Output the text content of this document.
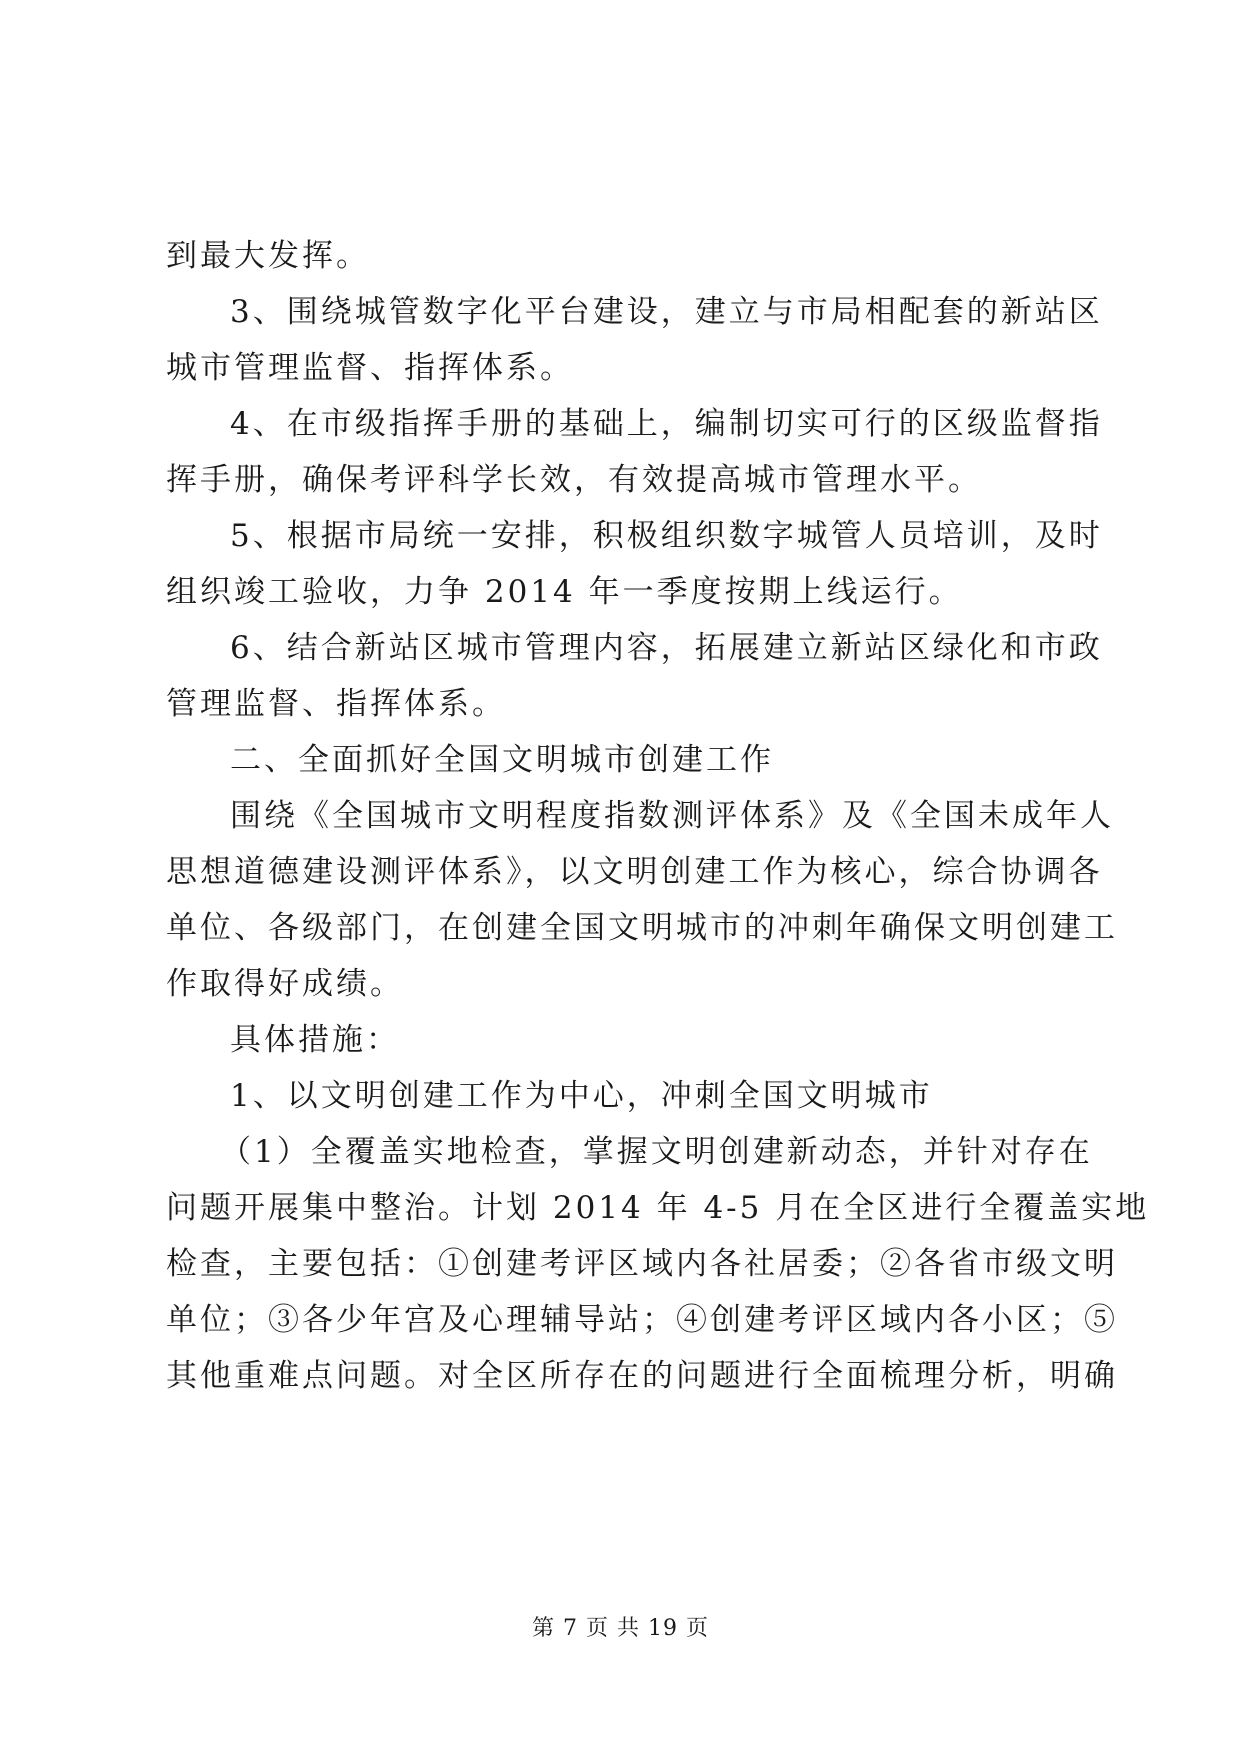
到最大发挥。
3、围绕城管数字化平台建设，建立与市局相配套的新站区
城市管理监督、指挥体系。
4、在市级指挥手册的基础上，编制切实可行的区级监督指
挥手册，确保考评科学长效，有效提高城市管理水平。
5、根据市局统一安排，积极组织数字城管人员培训，及时
组织竣工验收，力争 2014 年一季度按期上线运行。
6、结合新站区城市管理内容，拓展建立新站区绿化和市政
管理监督、指挥体系。
二、全面抓好全国文明城市创建工作
围绕《全国城市文明程度指数测评体系》及《全国未成年人
思想道德建设测评体系》，以文明创建工作为核心，综合协调各
单位、各级部门，在创建全国文明城市的冲刺年确保文明创建工
作取得好成绩。
具体措施：
1、以文明创建工作为中心，冲刺全国文明城市
（1）全覆盖实地检查，掌握文明创建新动态，并针对存在
问题开展集中整治。计划 2014 年 4-5 月在全区进行全覆盖实地
检查，主要包括：①创建考评区域内各社居委；②各省市级文明
单位；③各少年宫及心理辅导站；④创建考评区域内各小区；⑤
其他重难点问题。对全区所存在的问题进行全面梳理分析，明确
第 7 页 共 19 页
